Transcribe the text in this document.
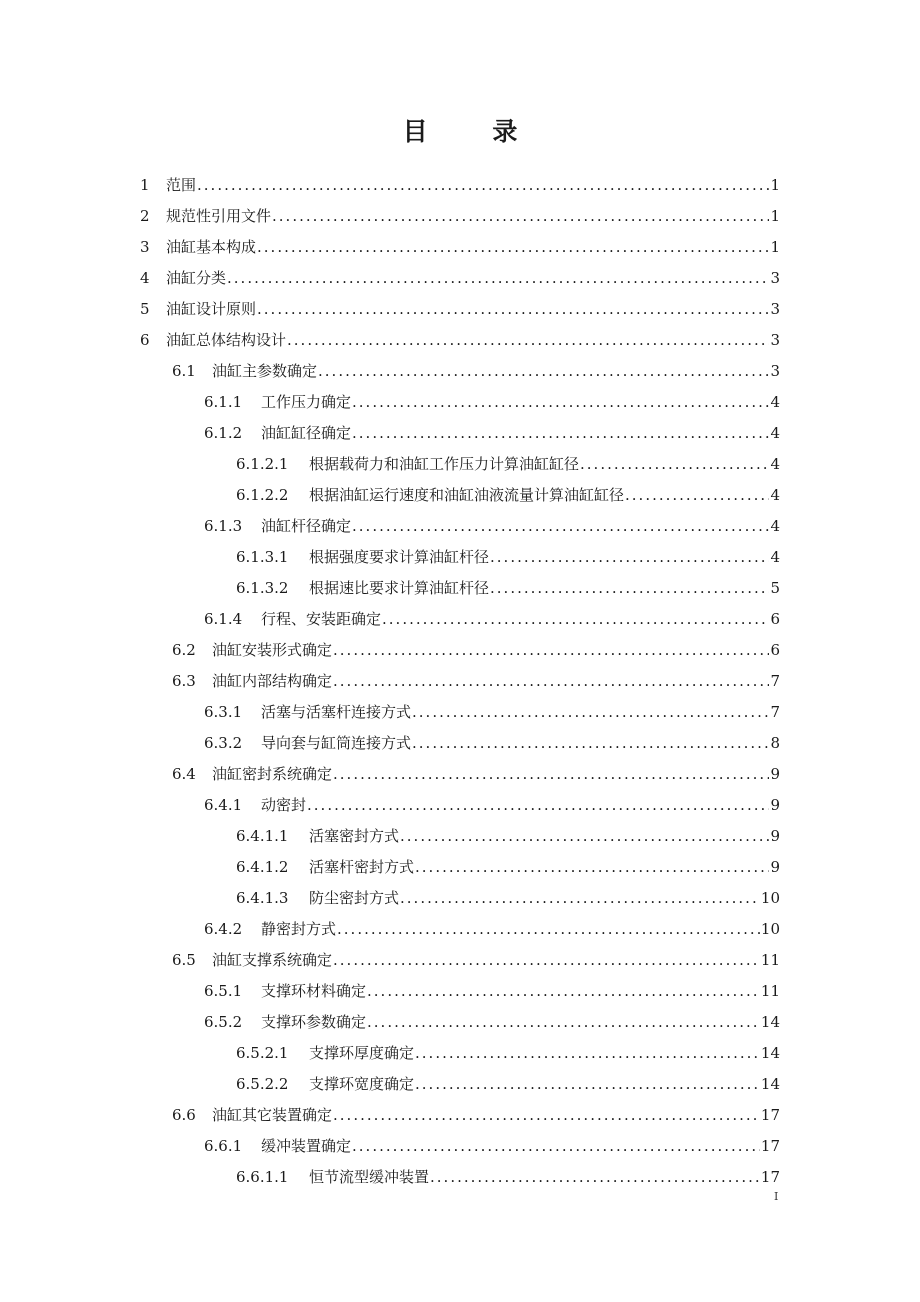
目 录
1	范围 .....	1
2	规范性引用文件 .....	1
3	油缸基本构成 .....	1
4	油缸分类 .....	3
5	油缸设计原则 .....	3
6	油缸总体结构设计 .....	3
6.1	油缸主参数确定 .....	3
6.1.1	工作压力确定 .....	4
6.1.2	油缸缸径确定 .....	4
6.1.2.1	根据载荷力和油缸工作压力计算油缸缸径 .....	4
6.1.2.2	根据油缸运行速度和油缸油液流量计算油缸缸径 .....	4
6.1.3	油缸杆径确定 .....	4
6.1.3.1	根据强度要求计算油缸杆径 .....	4
6.1.3.2	根据速比要求计算油缸杆径 .....	5
6.1.4	行程、安装距确定 .....	6
6.2	油缸安装形式确定 .....	6
6.3	油缸内部结构确定 .....	7
6.3.1	活塞与活塞杆连接方式 .....	7
6.3.2	导向套与缸筒连接方式 .....	8
6.4	油缸密封系统确定 .....	9
6.4.1	动密封 .....	9
6.4.1.1	活塞密封方式 .....	9
6.4.1.2	活塞杆密封方式 .....	9
6.4.1.3	防尘密封方式 .....	10
6.4.2	静密封方式 .....	10
6.5	油缸支撑系统确定 .....	11
6.5.1	支撑环材料确定 .....	11
6.5.2	支撑环参数确定 .....	14
6.5.2.1	支撑环厚度确定 .....	14
6.5.2.2	支撑环宽度确定 .....	14
6.6	油缸其它装置确定 .....	17
6.6.1	缓冲装置确定 .....	17
6.6.1.1	恒节流型缓冲装置 .....	17
I
